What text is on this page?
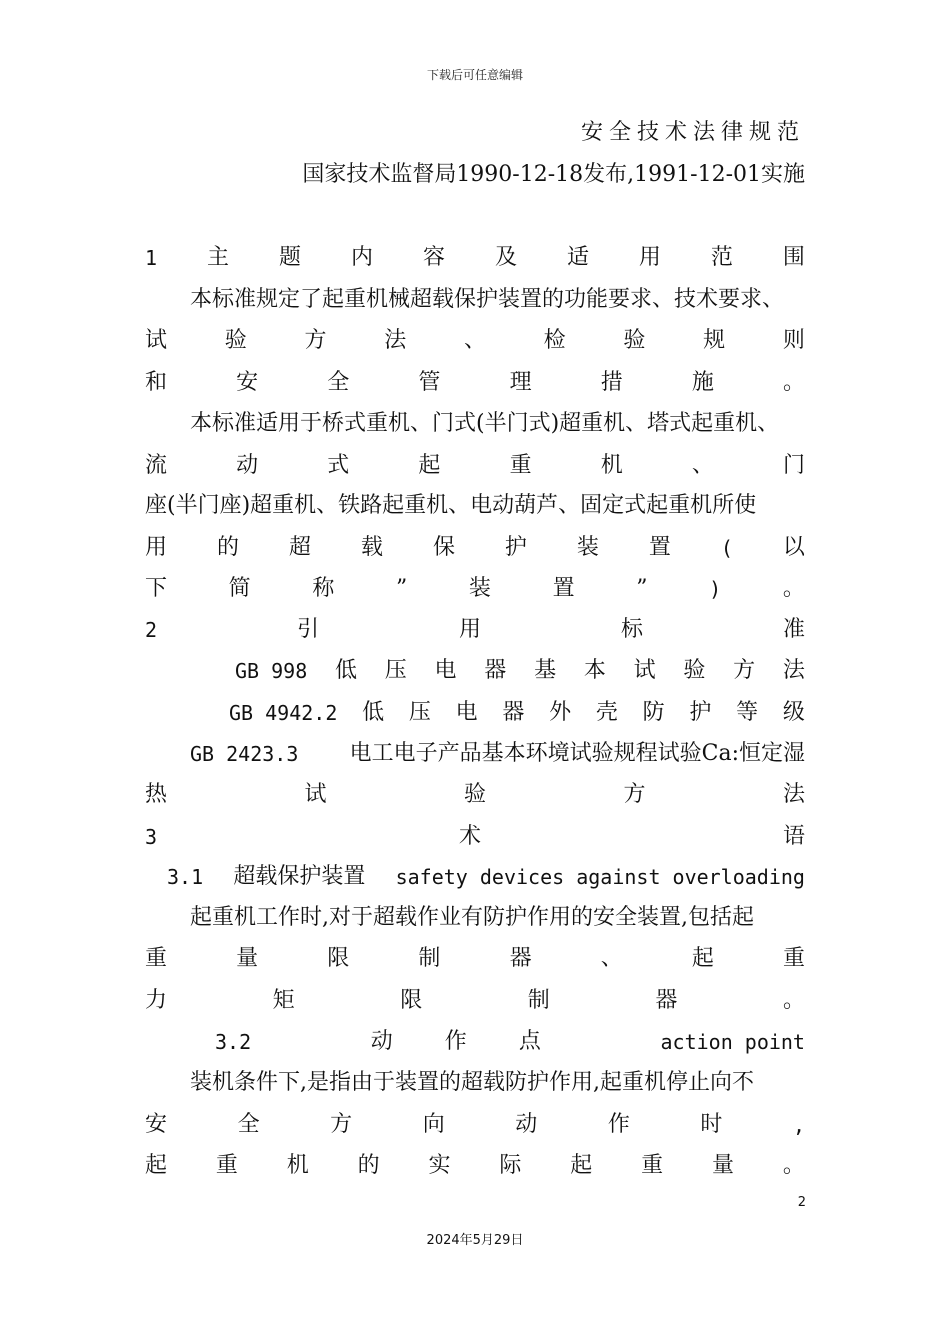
下载后可任意编辑
安全技术法律规范
国家技术监督局1990-12-18发布,1991-12-01实施
1 主 题 内 容 及 适 用 范 围
本标准规定了起重机械超载保护装置的功能要求、技术要求、
试	验	方	法	、	检	验	规	则
和	安	全	管	理	措	施	。
本标准适用于桥式重机、门式(半门式)超重机、塔式起重机、
流	动	式	起	重	机	、	门
座(半门座)超重机、铁路起重机、电动葫芦、固定式起重机所使
用 的 超 载 保 护 装 置 ( 以
下	简	称	”	装	置	”	)	。
2	引	用	标	准
GB 998 低 压 电 器 基 本 试 验 方 法
GB 4942.2 低 压 电 器 外 壳 防 护 等 级
GB 2423.3 电工电子产品基本环境试验规程试验Ca:恒定湿
热	试	验	方	法
3	术	语
3.1 超载保护装置 safety devices against overloading
起重机工作时,对于超载作业有防护作用的安全装置,包括起
重	量	限	制	器	、	起	重
力	矩	限	制	器	。
3.2	动 作 点	action point
装机条件下,是指由于装置的超载防护作用,起重机停止向不
安	全	方	向	动	作	时	,
起 重 机 的 实 际 起 重 量 。
2
2024年5月29日
